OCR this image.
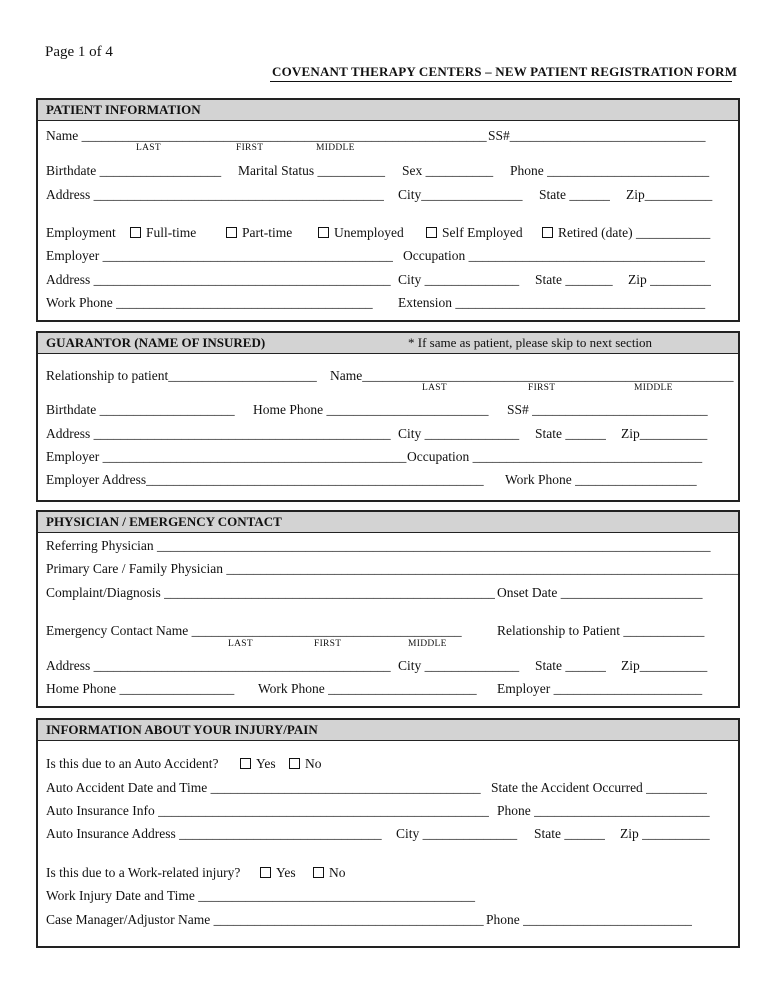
Page 1 of 4
COVENANT THERAPY CENTERS – NEW PATIENT REGISTRATION FORM
PATIENT INFORMATION
Name ____________________________________________________________ SS#_____________________________
LAST	FIRST	MIDDLE
Birthdate __________________ Marital Status __________ Sex __________ Phone ________________________
Address ___________________________________________ City_______________ State ______ Zip__________
Employment	Full-time	Part-time	Unemployed	Self Employed	Retired (date) ___________
Employer ___________________________________________ Occupation ___________________________________
Address ____________________________________________ City ______________ State _______ Zip _________
Work Phone ______________________________________ Extension _____________________________________
GUARANTOR (NAME OF INSURED)	* If same as patient, please skip to next section
Relationship to patient______________________ Name_______________________________________________________
LAST	FIRST	MIDDLE
Birthdate ____________________ Home Phone ________________________ SS# __________________________
Address ____________________________________________ City ______________ State ______ Zip__________
Employer _____________________________________________ Occupation __________________________________
Employer Address__________________________________________________ Work Phone __________________
PHYSICIAN / EMERGENCY CONTACT
Referring Physician __________________________________________________________________________________
Primary Care / Family Physician ____________________________________________________________________________
Complaint/Diagnosis _________________________________________________ Onset Date _____________________
Emergency Contact Name ________________________________________	Relationship to Patient ____________
LAST	FIRST	MIDDLE
Address ____________________________________________ City ______________ State ______ Zip__________
Home Phone _________________ Work Phone ______________________ Employer ______________________
INFORMATION ABOUT YOUR INJURY/PAIN
Is this due to an Auto Accident?	Yes	No
Auto Accident Date and Time ________________________________________ State the Accident Occurred _________
Auto Insurance Info _________________________________________________ Phone __________________________
Auto Insurance Address ______________________________ City ______________ State ______ Zip __________
Is this due to a Work-related injury?	Yes	No
Work Injury Date and Time _________________________________________
Case Manager/Adjustor Name ________________________________________ Phone _________________________
